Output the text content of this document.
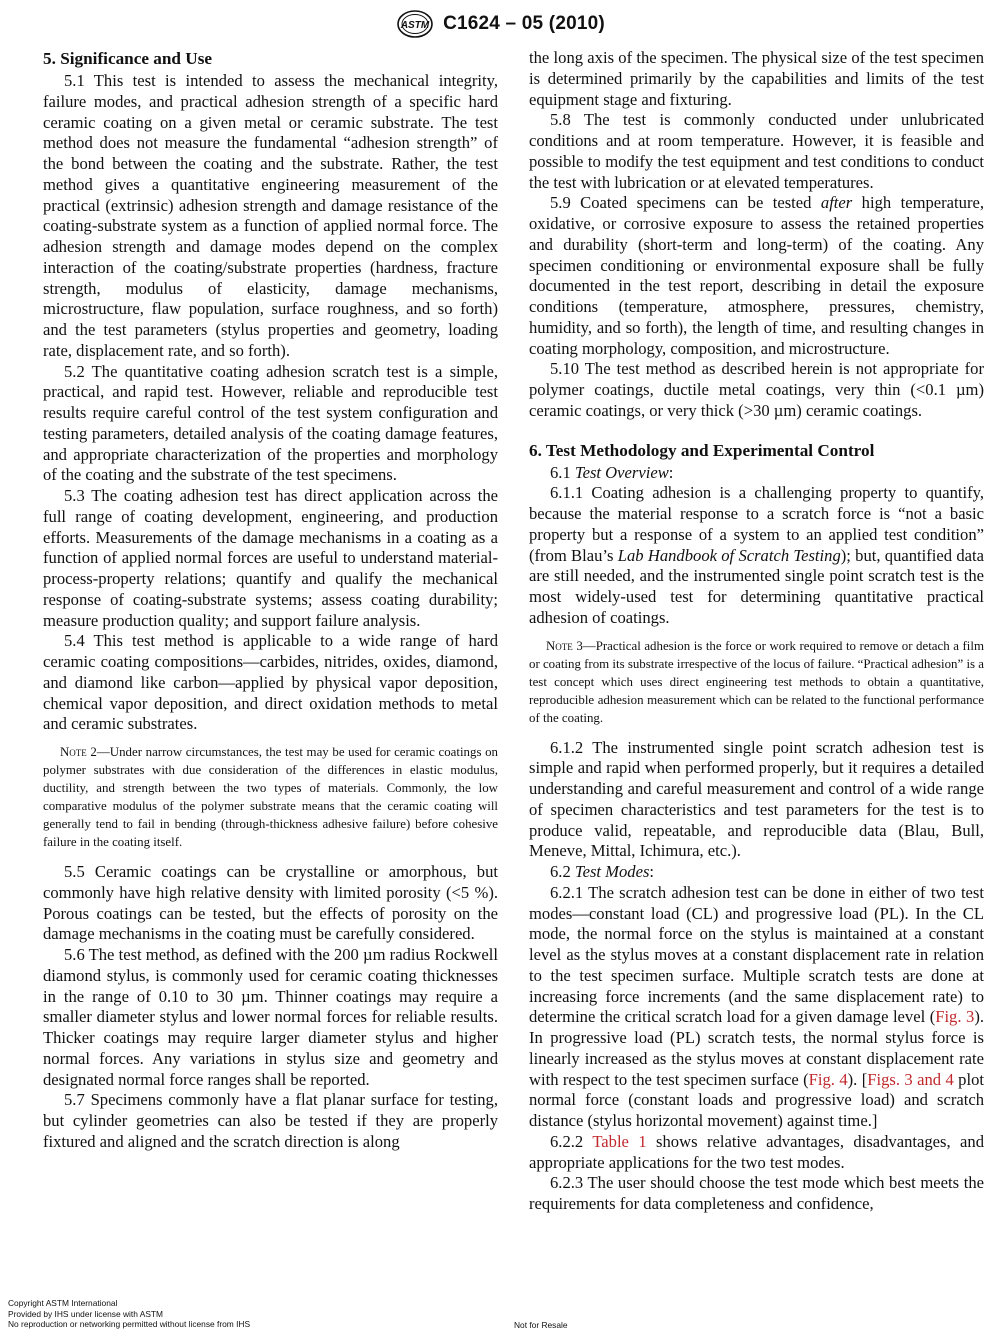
ASTM C1624 – 05 (2010)
5. Significance and Use

5.1 This test is intended to assess the mechanical integrity, failure modes, and practical adhesion strength of a specific hard ceramic coating on a given metal or ceramic substrate. The test method does not measure the fundamental “adhesion strength” of the bond between the coating and the substrate. Rather, the test method gives a quantitative engineering measurement of the practical (extrinsic) adhesion strength and damage resistance of the coating-substrate system as a function of applied normal force. The adhesion strength and damage modes depend on the complex interaction of the coating/substrate properties (hardness, fracture strength, modulus of elasticity, damage mechanisms, microstructure, flaw population, surface roughness, and so forth) and the test parameters (stylus properties and geometry, loading rate, displacement rate, and so forth).

5.2 The quantitative coating adhesion scratch test is a simple, practical, and rapid test. However, reliable and reproducible test results require careful control of the test system configuration and testing parameters, detailed analysis of the coating damage features, and appropriate characterization of the properties and morphology of the coating and the substrate of the test specimens.

5.3 The coating adhesion test has direct application across the full range of coating development, engineering, and production efforts. Measurements of the damage mechanisms in a coating as a function of applied normal forces are useful to understand material-process-property relations; quantify and qualify the mechanical response of coating-substrate systems; assess coating durability; measure production quality; and support failure analysis.

5.4 This test method is applicable to a wide range of hard ceramic coating compositions—carbides, nitrides, oxides, diamond, and diamond like carbon—applied by physical vapor deposition, chemical vapor deposition, and direct oxidation methods to metal and ceramic substrates.

Note 2—Under narrow circumstances, the test may be used for ceramic coatings on polymer substrates with due consideration of the differences in elastic modulus, ductility, and strength between the two types of materials. Commonly, the low comparative modulus of the polymer substrate means that the ceramic coating will generally tend to fail in bending (through-thickness adhesive failure) before cohesive failure in the coating itself.

5.5 Ceramic coatings can be crystalline or amorphous, but commonly have high relative density with limited porosity (<5 %). Porous coatings can be tested, but the effects of porosity on the damage mechanisms in the coating must be carefully considered.

5.6 The test method, as defined with the 200 µm radius Rockwell diamond stylus, is commonly used for ceramic coating thicknesses in the range of 0.10 to 30 µm. Thinner coatings may require a smaller diameter stylus and lower normal forces for reliable results. Thicker coatings may require larger diameter stylus and higher normal forces. Any variations in stylus size and geometry and designated normal force ranges shall be reported.

5.7 Specimens commonly have a flat planar surface for testing, but cylinder geometries can also be tested if they are properly fixtured and aligned and the scratch direction is along

the long axis of the specimen. The physical size of the test specimen is determined primarily by the capabilities and limits of the test equipment stage and fixturing.

5.8 The test is commonly conducted under unlubricated conditions and at room temperature. However, it is feasible and possible to modify the test equipment and test conditions to conduct the test with lubrication or at elevated temperatures.

5.9 Coated specimens can be tested after high temperature, oxidative, or corrosive exposure to assess the retained properties and durability (short-term and long-term) of the coating. Any specimen conditioning or environmental exposure shall be fully documented in the test report, describing in detail the exposure conditions (temperature, atmosphere, pressures, chemistry, humidity, and so forth), the length of time, and resulting changes in coating morphology, composition, and microstructure.

5.10 The test method as described herein is not appropriate for polymer coatings, ductile metal coatings, very thin (<0.1 µm) ceramic coatings, or very thick (>30 µm) ceramic coatings.

6. Test Methodology and Experimental Control

6.1 Test Overview:

6.1.1 Coating adhesion is a challenging property to quantify, because the material response to a scratch force is “not a basic property but a response of a system to an applied test condition” (from Blau’s Lab Handbook of Scratch Testing); but, quantified data are still needed, and the instrumented single point scratch test is the most widely-used test for determining quantitative practical adhesion of coatings.

Note 3—Practical adhesion is the force or work required to remove or detach a film or coating from its substrate irrespective of the locus of failure. “Practical adhesion” is a test concept which uses direct engineering test methods to obtain a quantitative, reproducible adhesion measurement which can be related to the functional performance of the coating.

6.1.2 The instrumented single point scratch adhesion test is simple and rapid when performed properly, but it requires a detailed understanding and careful measurement and control of a wide range of specimen characteristics and test parameters for the test is to produce valid, repeatable, and reproducible data (Blau, Bull, Meneve, Mittal, Ichimura, etc.).

6.2 Test Modes:

6.2.1 The scratch adhesion test can be done in either of two test modes—constant load (CL) and progressive load (PL). In the CL mode, the normal force on the stylus is maintained at a constant level as the stylus moves at a constant displacement rate in relation to the test specimen surface. Multiple scratch tests are done at increasing force increments (and the same displacement rate) to determine the critical scratch load for a given damage level (Fig. 3). In progressive load (PL) scratch tests, the normal stylus force is linearly increased as the stylus moves at constant displacement rate with respect to the test specimen surface (Fig. 4). [Figs. 3 and 4 plot normal force (constant loads and progressive load) and scratch distance (stylus horizontal movement) against time.]

6.2.2 Table 1 shows relative advantages, disadvantages, and appropriate applications for the two test modes.

6.2.3 The user should choose the test mode which best meets the requirements for data completeness and confidence,

Copyright ASTM International
Provided by IHS under license with ASTM
No reproduction or networking permitted without license from IHS	Not for Resale
